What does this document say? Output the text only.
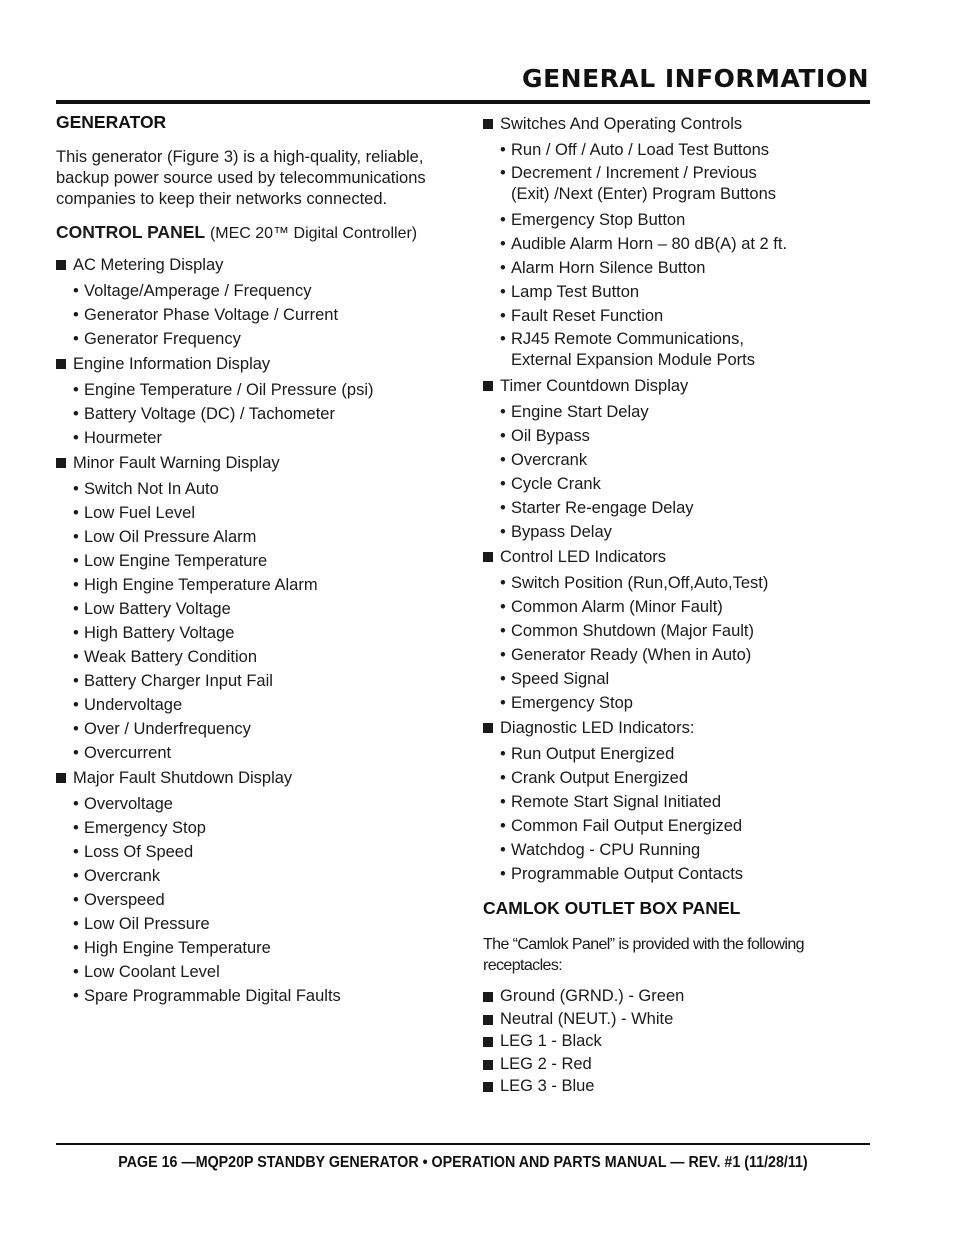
GENERAL INFORMATION
GENERATOR

This generator (Figure 3) is a high-quality, reliable, backup power source used by telecommunications companies to keep their networks connected.

CONTROL PANEL (MEC 20™ Digital Controller)

AC Metering Display
• Voltage/Amperage / Frequency
• Generator Phase Voltage / Current
• Generator Frequency
Engine Information Display
• Engine Temperature / Oil Pressure (psi)
• Battery Voltage (DC) / Tachometer
• Hourmeter
Minor Fault Warning Display
• Switch Not In Auto
• Low Fuel Level
• Low Oil Pressure Alarm
• Low Engine Temperature
• High Engine Temperature Alarm
• Low Battery Voltage
• High Battery Voltage
• Weak Battery Condition
• Battery Charger Input Fail
• Undervoltage
• Over / Underfrequency
• Overcurrent
Major Fault Shutdown Display
• Overvoltage
• Emergency Stop
• Loss Of Speed
• Overcrank
• Overspeed
• Low Oil Pressure
• High Engine Temperature
• Low Coolant Level
• Spare Programmable Digital Faults
Switches And Operating Controls
• Run / Off / Auto / Load Test Buttons
• Decrement / Increment / Previous (Exit) /Next (Enter) Program Buttons
• Emergency Stop Button
• Audible Alarm Horn – 80 dB(A) at 2 ft.
• Alarm Horn Silence Button
• Lamp Test Button
• Fault Reset Function
• RJ45 Remote Communications, External Expansion Module Ports
Timer Countdown Display
• Engine Start Delay
• Oil Bypass
• Overcrank
• Cycle Crank
• Starter Re-engage Delay
• Bypass Delay
Control LED Indicators
• Switch Position (Run,Off,Auto,Test)
• Common Alarm (Minor Fault)
• Common Shutdown (Major Fault)
• Generator Ready (When in Auto)
• Speed Signal
• Emergency Stop
Diagnostic LED Indicators:
• Run Output Energized
• Crank Output Energized
• Remote Start Signal Initiated
• Common Fail Output Energized
• Watchdog - CPU Running
• Programmable Output Contacts
CAMLOK OUTLET BOX PANEL

The “Camlok Panel” is provided with the following receptacles:

Ground (GRND.) - Green
Neutral (NEUT.) - White
LEG 1 - Black
LEG 2 - Red
LEG 3 - Blue
PAGE 16 —MQP20P STANDBY GENERATOR • OPERATION AND PARTS MANUAL — REV. #1 (11/28/11)
